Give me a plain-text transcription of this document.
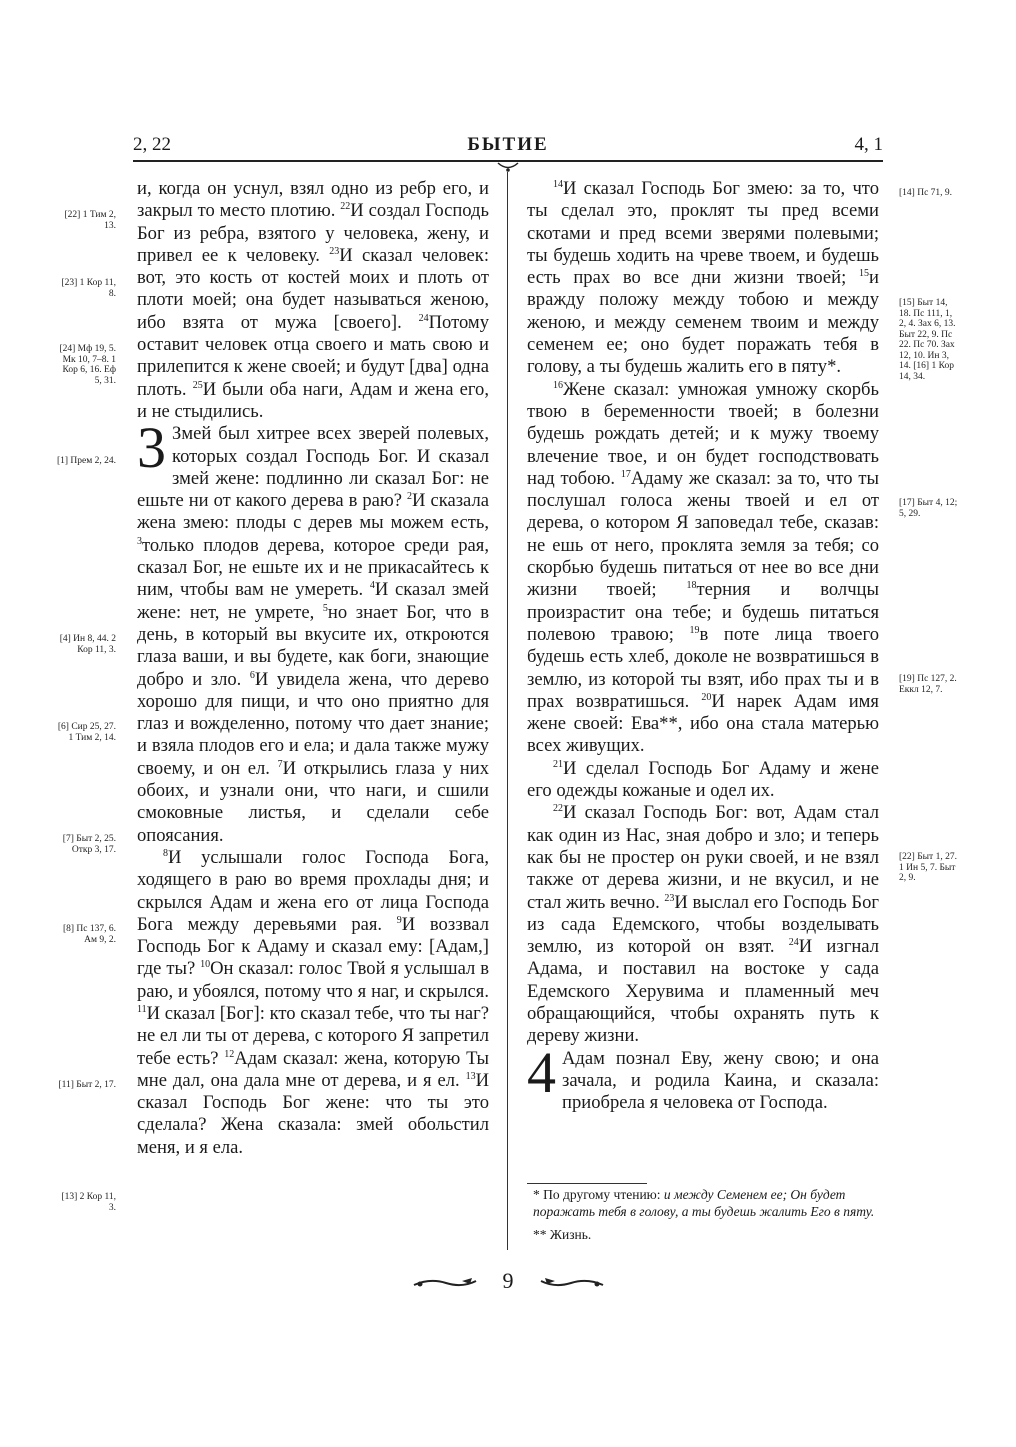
2, 22	БЫТИЕ	4, 1

и, когда он уснул, взял одно из ребр его, и закрыл то место плотию. $^{22}$И создал Господь Бог из ребра, взятого у человека, жену, и привел ее к человеку. $^{23}$И сказал человек: вот, это кость от костей моих и плоть от плоти моей; она будет называться женою, ибо взята от мужа [своего]. $^{24}$Потому оставит человек отца своего и мать свою и прилепится к жене своей; и будут [два] одна плоть. $^{25}$И были оба наги, Адам и жена его, и не стыдились.

3 Змей был хитрее всех зверей полевых, которых создал Господь Бог. И сказал змей жене: подлинно ли сказал Бог: не ешьте ни от какого дерева в раю? $^2$И сказала жена змею: плоды с дерев мы можем есть, $^3$только плодов дерева, которое среди рая, сказал Бог, не ешьте их и не прикасайтесь к ним, чтобы вам не умереть. $^4$И сказал змей жене: нет, не умрете, $^5$но знает Бог, что в день, в который вы вкусите их, откроются глаза ваши, и вы будете, как боги, знающие добро и зло. $^6$И увидела жена, что дерево хорошо для пищи, и что оно приятно для глаз и вожделенно, потому что дает знание; и взяла плодов его и ела; и дала также мужу своему, и он ел. $^7$И открылись глаза у них обоих, и узнали они, что наги, и сшили смоковные листья, и сделали себе опоясания.

$^8$И услышали голос Господа Бога, ходящего в раю во время прохлады дня; и скрылся Адам и жена его от лица Господа Бога между деревьями рая. $^9$И воззвал Господь Бог к Адаму и сказал ему: [Адам,] где ты? $^{10}$Он сказал: голос Твой я услышал в раю, и убоялся, потому что я наг, и скрылся. $^{11}$И сказал [Бог]: кто сказал тебе, что ты наг? не ел ли ты от дерева, с которого Я запретил тебе есть? $^{12}$Адам сказал: жена, которую Ты мне дал, она дала мне от дерева, и я ел. $^{13}$И сказал Господь Бог жене: что ты это сделала? Жена сказала: змей обольстил меня, и я ела.

$^{14}$И сказал Господь Бог змею: за то, что ты сделал это, проклят ты пред всеми скотами и пред всеми зверями полевыми; ты будешь ходить на чреве твоем, и будешь есть прах во все дни жизни твоей; $^{15}$и вражду положу между тобою и между женою, и между семенем твоим и между семенем ее; оно будет поражать тебя в голову, а ты будешь жалить его в пяту*.

$^{16}$Жене сказал: умножая умножу скорбь твою в беременности твоей; в болезни будешь рождать детей; и к мужу твоему влечение твое, и он будет господствовать над тобою. $^{17}$Адаму же сказал: за то, что ты послушал голоса жены твоей и ел от дерева, о котором Я заповедал тебе, сказав: не ешь от него, проклята земля за тебя; со скорбью будешь питаться от нее во все дни жизни твоей; $^{18}$терния и волчцы произрастит она тебе; и будешь питаться полевою травою; $^{19}$в поте лица твоего будешь есть хлеб, доколе не возвратишься в землю, из которой ты взят, ибо прах ты и в прах возвратишься. $^{20}$И нарек Адам имя жене своей: Ева**, ибо она стала матерью всех живущих.

$^{21}$И сделал Господь Бог Адаму и жене его одежды кожаные и одел их.

$^{22}$И сказал Господь Бог: вот, Адам стал как один из Нас, зная добро и зло; и теперь как бы не простер он руки своей, и не взял также от дерева жизни, и не вкусил, и не стал жить вечно. $^{23}$И выслал его Господь Бог из сада Едемского, чтобы возделывать землю, из которой он взят. $^{24}$И изгнал Адама, и поставил на востоке у сада Едемского Херувима и пламенный меч обращающийся, чтобы охранять путь к дереву жизни.

4 Адам познал Еву, жену свою; и она зачала, и родила Каина, и сказала: приобрела я человека от Господа.

[22] 1 Тим 2, 13.
[23] 1 Кор 11, 8.
[24] Мф 19, 5. Мк 10, 7–8. 1 Кор 6, 16. Еф 5, 31.
[1] Прем 2, 24.
[4] Ин 8, 44. 2 Кор 11, 3.
[6] Сир 25, 27. 1 Тим 2, 14.
[7] Быт 2, 25. Откр 3, 17.
[8] Пс 137, 6. Ам 9, 2.
[11] Быт 2, 17.
[13] 2 Кор 11, 3.
[14] Пс 71, 9.
[15] Быт 14, 18. Пс 111, 1, 2, 4. Зах 6, 13. Быт 22, 9. Пс 22. Пс 70. Зах 12, 10. Ин 3, 14. [16] 1 Кор 14, 34.
[17] Быт 4, 12; 5, 29.
[19] Пс 127, 2. Еккл 12, 7.
[22] Быт 1, 27. 1 Ин 5, 7. Быт 2, 9.

* По другому чтению: и между Семенем ее; Он будет поражать тебя в голову, а ты будешь жалить Его в пяту.

** Жизнь.

9
